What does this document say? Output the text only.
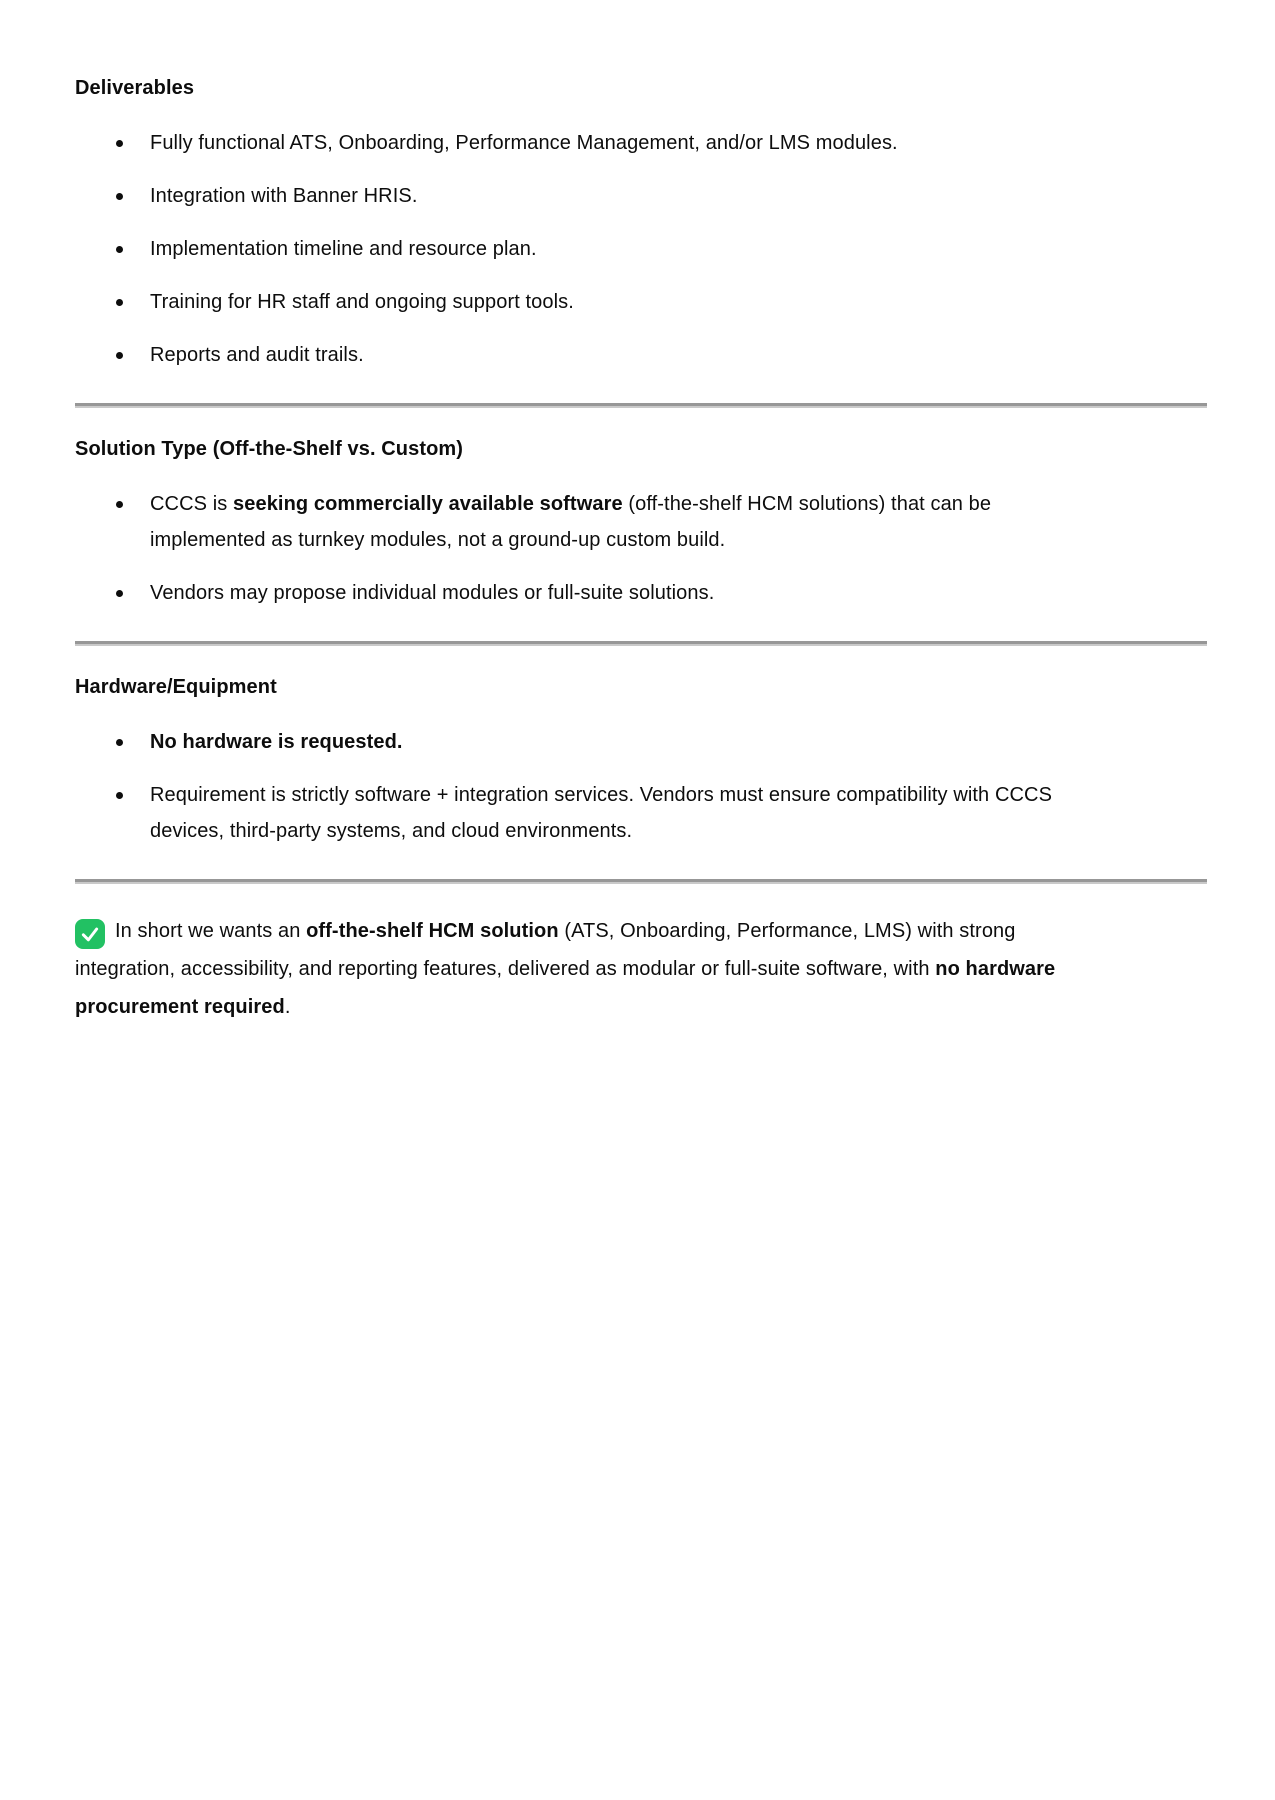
Deliverables
Fully functional ATS, Onboarding, Performance Management, and/or LMS modules.
Integration with Banner HRIS.
Implementation timeline and resource plan.
Training for HR staff and ongoing support tools.
Reports and audit trails.
Solution Type (Off-the-Shelf vs. Custom)
CCCS is seeking commercially available software (off-the-shelf HCM solutions) that can be implemented as turnkey modules, not a ground-up custom build.
Vendors may propose individual modules or full-suite solutions.
Hardware/Equipment
No hardware is requested.
Requirement is strictly software + integration services. Vendors must ensure compatibility with CCCS devices, third-party systems, and cloud environments.

In short we wants an off-the-shelf HCM solution (ATS, Onboarding, Performance, LMS) with strong integration, accessibility, and reporting features, delivered as modular or full-suite software, with no hardware procurement required.
